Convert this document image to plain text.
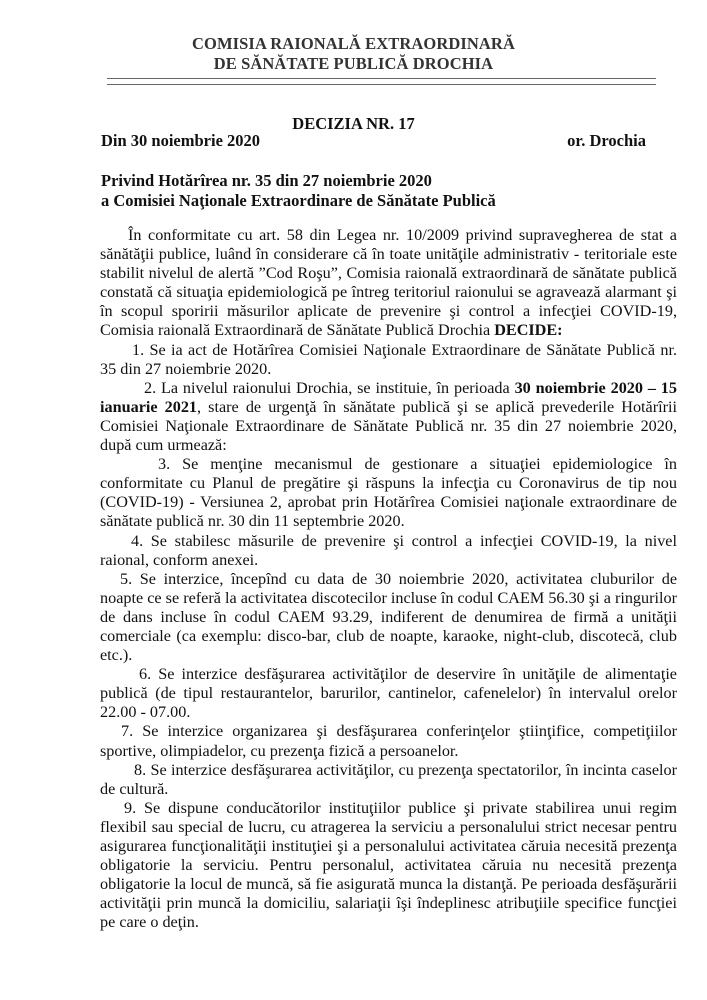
COMISIA RAIONALĂ EXTRAORDINARĂ
DE SĂNĂTATE PUBLICĂ DROCHIA
DECIZIA NR. 17
Din 30 noiembrie 2020	or. Drochia
Privind Hotărîrea nr. 35 din 27 noiembrie 2020
a Comisiei Naţionale Extraordinare de Sănătate Publică

În conformitate cu art. 58 din Legea nr. 10/2009 privind supravegherea de stat a sănătăţii publice, luând în considerare că în toate unităţile administrativ - teritoriale este stabilit nivelul de alertă ”Cod Roşu”, Comisia raională extraordinară de sănătate publică constată că situaţia epidemiologică pe întreg teritoriul raionului se agravează alarmant şi în scopul sporirii măsurilor aplicate de prevenire şi control a infecţiei COVID-19, Comisia raională Extraordinară de Sănătate Publică Drochia DECIDE:

1. Se ia act de Hotărîrea Comisiei Naţionale Extraordinare de Sănătate Publică nr. 35 din 27 noiembrie 2020.

2. La nivelul raionului Drochia, se instituie, în perioada 30 noiembrie 2020 – 15 ianuarie 2021, stare de urgenţă în sănătate publică şi se aplică prevederile Hotărîrii Comisiei Naţionale Extraordinare de Sănătate Publică nr. 35 din 27 noiembrie 2020, după cum urmează:

3. Se menţine mecanismul de gestionare a situaţiei epidemiologice în conformitate cu Planul de pregătire şi răspuns la infecţia cu Coronavirus de tip nou (COVID-19) - Versiunea 2, aprobat prin Hotărîrea Comisiei naţionale extraordinare de sănătate publică nr. 30 din 11 septembrie 2020.

4. Se stabilesc măsurile de prevenire şi control a infecţiei COVID-19, la nivel raional, conform anexei.

5. Se interzice, începînd cu data de 30 noiembrie 2020, activitatea cluburilor de noapte ce se referă la activitatea discotecilor incluse în codul CAEM 56.30 şi a ringurilor de dans incluse în codul CAEM 93.29, indiferent de denumirea de firmă a unităţii comerciale (ca exemplu: disco-bar, club de noapte, karaoke, night-club, discotecă, club etc.).

6. Se interzice desfăşurarea activităţilor de deservire în unităţile de alimentaţie publică (de tipul restaurantelor, barurilor, cantinelor, cafenelelor) în intervalul orelor 22.00 - 07.00.

7. Se interzice organizarea şi desfăşurarea conferinţelor ştiinţifice, competiţiilor sportive, olimpiadelor, cu prezenţa fizică a persoanelor.

8. Se interzice desfăşurarea activităţilor, cu prezenţa spectatorilor, în incinta caselor de cultură.

9. Se dispune conducătorilor instituţiilor publice şi private stabilirea unui regim flexibil sau special de lucru, cu atragerea la serviciu a personalului strict necesar pentru asigurarea funcţionalităţii instituţiei şi a personalului activitatea căruia necesită prezenţa obligatorie la serviciu. Pentru personalul, activitatea căruia nu necesită prezenţa obligatorie la locul de muncă, să fie asigurată munca la distanţă. Pe perioada desfăşurării activităţii prin muncă la domiciliu, salariaţii îşi îndeplinesc atribuţiile specifice funcţiei pe care o deţin.
